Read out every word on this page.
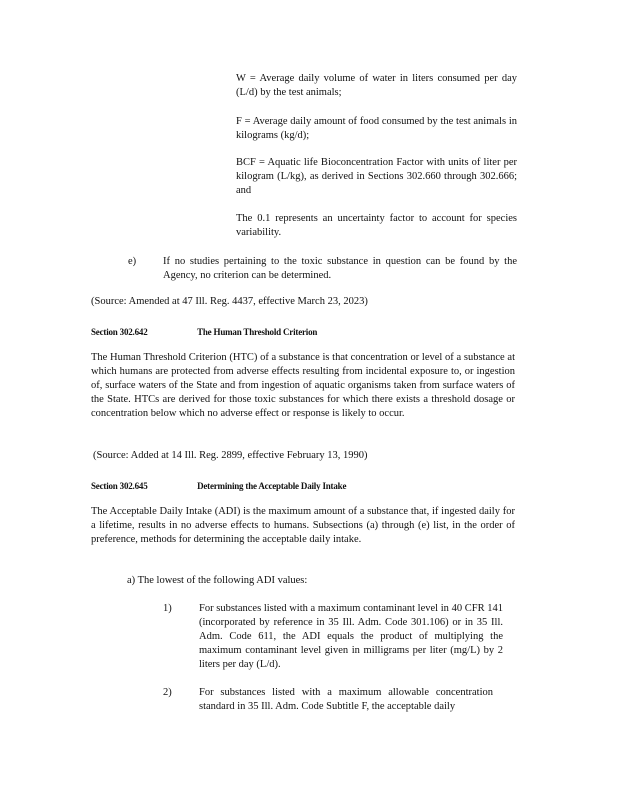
W = Average daily volume of water in liters consumed per day (L/d) by the test animals;

F = Average daily amount of food consumed by the test animals in kilograms (kg/d);

BCF = Aquatic life Bioconcentration Factor with units of liter per kilogram (L/kg), as derived in Sections 302.660 through 302.666; and

The 0.1 represents an uncertainty factor to account for species variability.

e)	If no studies pertaining to the toxic substance in question can be found by the Agency, no criterion can be determined.

(Source: Amended at 47 Ill. Reg. 4437, effective March 23, 2023)

Section 302.642	The Human Threshold Criterion

The Human Threshold Criterion (HTC) of a substance is that concentration or level of a substance at which humans are protected from adverse effects resulting from incidental exposure to, or ingestion of, surface waters of the State and from ingestion of aquatic organisms taken from surface waters of the State. HTCs are derived for those toxic substances for which there exists a threshold dosage or concentration below which no adverse effect or response is likely to occur.

(Source: Added at 14 Ill. Reg. 2899, effective February 13, 1990)

Section 302.645	Determining the Acceptable Daily Intake

The Acceptable Daily Intake (ADI) is the maximum amount of a substance that, if ingested daily for a lifetime, results in no adverse effects to humans. Subsections (a) through (e) list, in the order of preference, methods for determining the acceptable daily intake.

a) The lowest of the following ADI values:

1)	For substances listed with a maximum contaminant level in 40 CFR 141 (incorporated by reference in 35 Ill. Adm. Code 301.106) or in 35 Ill. Adm. Code 611, the ADI equals the product of multiplying the maximum contaminant level given in milligrams per liter (mg/L) by 2 liters per day (L/d).

2)	For substances listed with a maximum allowable concentration standard in 35 Ill. Adm. Code Subtitle F, the acceptable daily
